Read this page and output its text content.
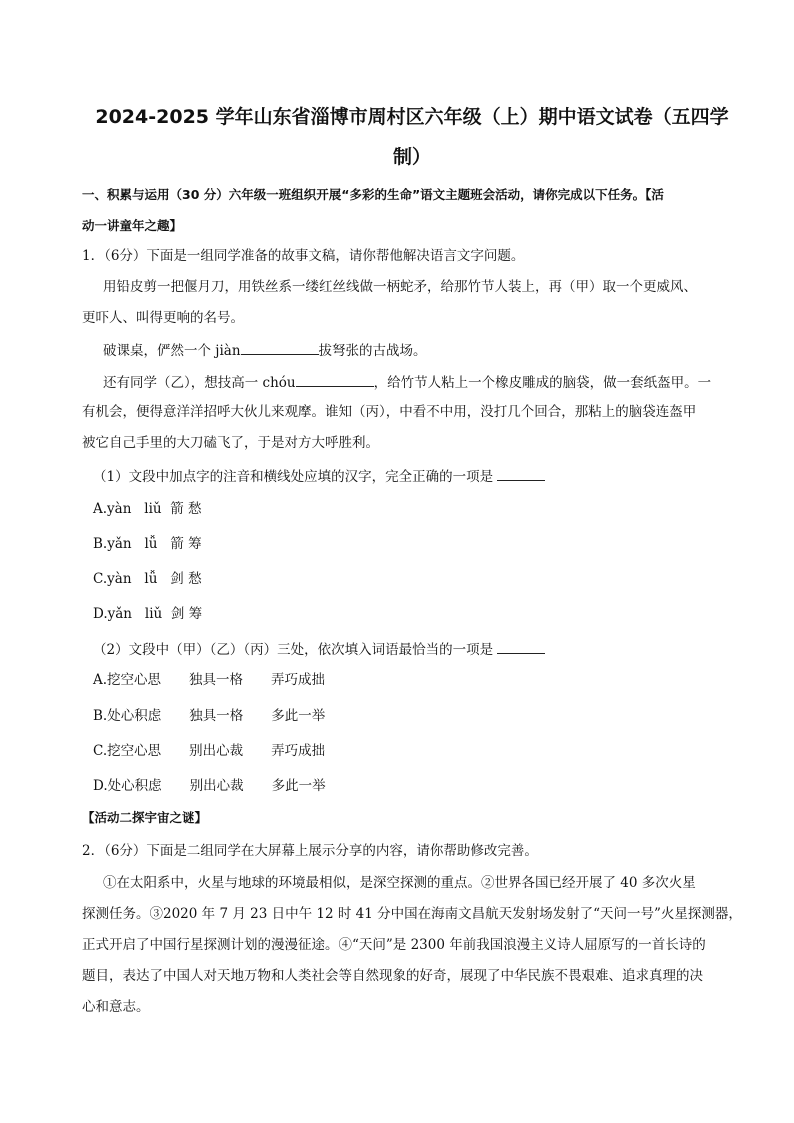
2024-2025 学年山东省淄博市周村区六年级（上）期中语文试卷（五四学
制）
一、积累与运用（30 分）六年级一班组织开展“多彩的生命”语文主题班会活动，请你完成以下任务。【活
动一讲童年之趣】
1．（6分）下面是一组同学准备的故事文稿，请你帮他解决语言文字问题。
用铅皮剪一把偃月刀，用铁丝系一缕红丝线做一柄蛇矛，给那竹节人装上，再（甲）取一个更威风、
更吓人、叫得更响的名号。
破课桌，俨然一个 jiàn	拔弩张的古战场。
还有同学（乙），想技高一 chóu	，给竹节人粘上一个橡皮雕成的脑袋，做一套纸盔甲。一
有机会，便得意洋洋招呼大伙儿来观摩。谁知（丙），中看不中用，没打几个回合，那粘上的脑袋连盔甲
被它自己手里的大刀磕飞了，于是对方大呼胜利。
（1）文段中加点字的注音和横线处应填的汉字，完全正确的一项是
A.yàn liǔ 箭 愁
B.yǎn lǚ 箭 筹
C.yàn lǚ 剑 愁
D.yǎn liǔ 剑 筹
（2）文段中（甲）（乙）（丙）三处，依次填入词语最恰当的一项是
A.挖空心思 独具一格 弄巧成拙
B.处心积虑 独具一格 多此一举
C.挖空心思 别出心裁 弄巧成拙
D.处心积虑 别出心裁 多此一举
【活动二探宇宙之谜】
2．（6分）下面是二组同学在大屏幕上展示分享的内容，请你帮助修改完善。
①在太阳系中，火星与地球的环境最相似，是深空探测的重点。②世界各国已经开展了 40 多次火星
探测任务。③2020 年 7 月 23 日中午 12 时 41 分中国在海南文昌航天发射场发射了“天问一号”火星探测器，
正式开启了中国行星探测计划的漫漫征途。④“天问”是 2300 年前我国浪漫主义诗人屈原写的一首长诗的
题目，表达了中国人对天地万物和人类社会等自然现象的好奇，展现了中华民族不畏艰难、追求真理的决
心和意志。
